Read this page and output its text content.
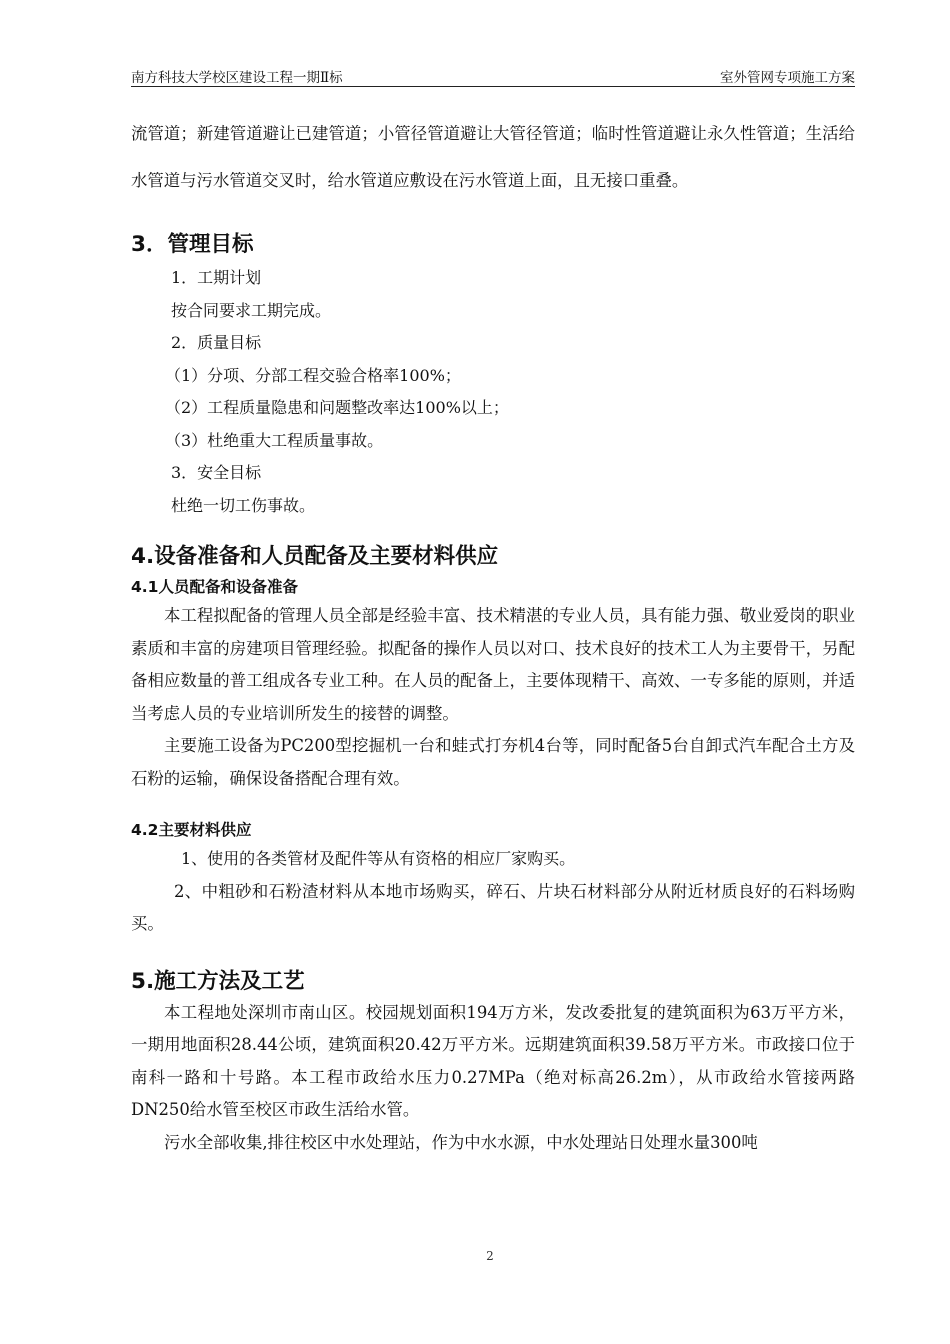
南方科技大学校区建设工程一期Ⅱ标	室外管网专项施工方案

流管道；新建管道避让已建管道；小管径管道避让大管径管道；临时性管道避让永久性管道；生活给水管道与污水管道交叉时，给水管道应敷设在污水管道上面，且无接口重叠。

3．管理目标

1．工期计划

按合同要求工期完成。

2．质量目标

（1）分项、分部工程交验合格率100%；

（2）工程质量隐患和问题整改率达100%以上；

（3）杜绝重大工程质量事故。

3．安全目标

杜绝一切工伤事故。

4.设备准备和人员配备及主要材料供应
4.1人员配备和设备准备

本工程拟配备的管理人员全部是经验丰富、技术精湛的专业人员，具有能力强、敬业爱岗的职业素质和丰富的房建项目管理经验。拟配备的操作人员以对口、技术良好的技术工人为主要骨干，另配备相应数量的普工组成各专业工种。在人员的配备上，主要体现精干、高效、一专多能的原则，并适当考虑人员的专业培训所发生的接替的调整。

主要施工设备为PC200型挖掘机一台和蛙式打夯机4台等，同时配备5台自卸式汽车配合土方及石粉的运输，确保设备搭配合理有效。

4.2主要材料供应

1、使用的各类管材及配件等从有资格的相应厂家购买。

2、中粗砂和石粉渣材料从本地市场购买，碎石、片块石材料部分从附近材质良好的石料场购买。

5.施工方法及工艺

本工程地处深圳市南山区。校园规划面积194万方米，发改委批复的建筑面积为63万平方米，一期用地面积28.44公顷，建筑面积20.42万平方米。远期建筑面积39.58万平方米。市政接口位于南科一路和十号路。本工程市政给水压力0.27MPa（绝对标高26.2m），从市政给水管接两路DN250给水管至校区市政生活给水管。

污水全部收集,排往校区中水处理站，作为中水水源，中水处理站日处理水量300吨

2
